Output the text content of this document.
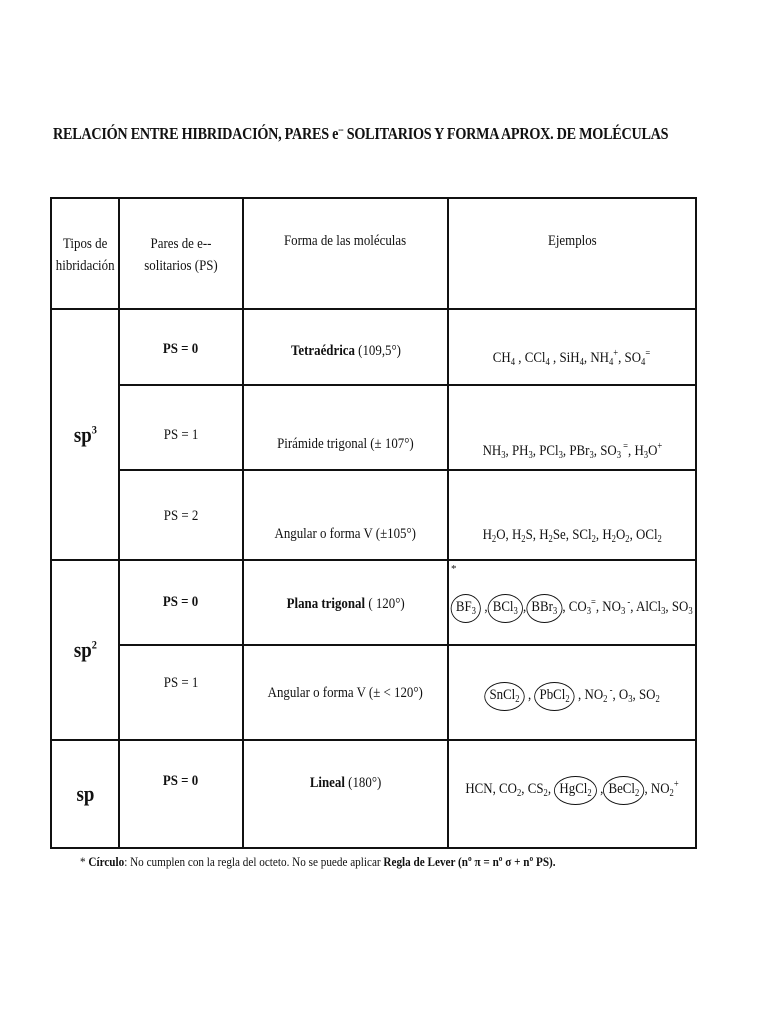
RELACIÓN ENTRE HIBRIDACIÓN, PARES e-- SOLITARIOS Y FORMA APROX. DE MOLÉCULAS
Tipos de hibridación
Pares de e-- solitarios (PS)
Forma de las moléculas	Ejemplos
$sp^3$
$sp^2$
sp
PS = 0
PS = 1
PS = 2
PS = 0
PS = 1
PS = 0
Tetraédrica (109,5°)
Pirámide trigonal (± 107°)
Angular o forma V (±105°)
Plana trigonal ( 120°)
Angular o forma V (± < 120°)
Lineal (180°)
$CH_4$ , CCl$_4$ , SiH$_4$, $NH_4^+$, $SO_4^=$
$NH_3$, $PH_3$, PCl$_3$, PBr$_3$, $SO_3$ =, $H_3O^+$
$H_2O$, $H_2S$, $H_2Se$, SCl$_2$, $H_2O_2$, OCl$_2$
*
$BF_3$ , BCl$_3$ , BBr$_3$ , $CO_3^=$, $NO_3$ -, AlCl$_3$, $SO_3$
SnCl$_2$ , PbCl$_2$ , $NO_2$ -, $O_3$, $SO_2$
HCN, $CO_2$, $CS_2$, HgCl$_2$ , BeCl$_2$ , $NO_2^+$
* Círculo: No cumplen con la regla del octeto. No se puede aplicar Regla de Lever (nº π = nº σ + nº PS).
